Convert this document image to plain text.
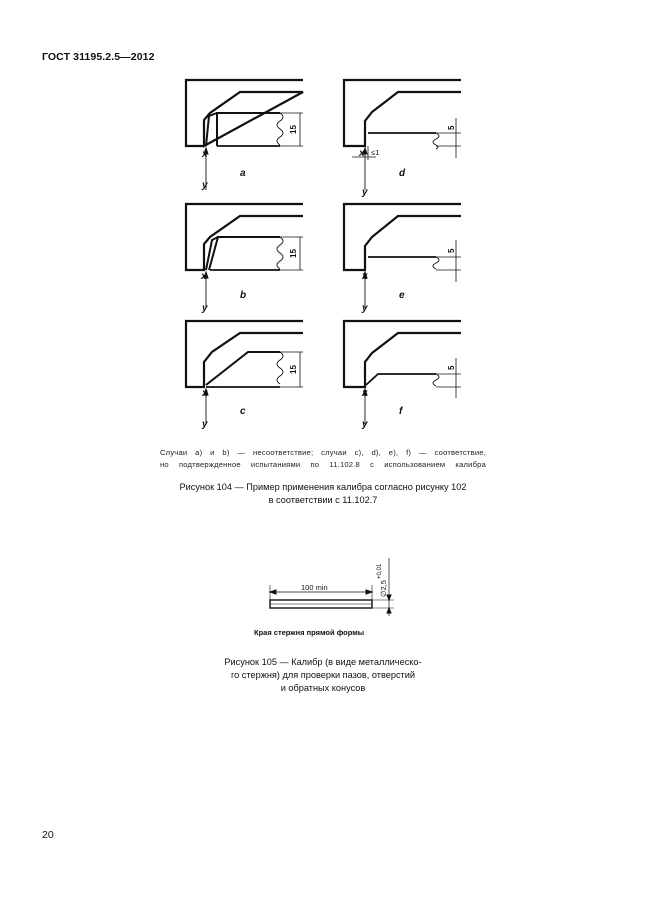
ГОСТ 31195.2.5—2012
a	d
b	e
c	f
15	5
15	5
15	5
≤1
x
y
x
y
x
y
x
y
x
y
x
y
100 min	∅2,5
+0,01
Края стержня прямой формы
Случаи а) и b) — несоответствие; случаи с), d), e), f) — соответствие,
но подтвержденное испытаниями по 11.102.8 с использованием калибра
Рисунок 104 — Пример применения калибра согласно рисунку 102
в соответствии с 11.102.7
Рисунок 105 — Калибр (в виде металлическо-
го стержня) для проверки пазов, отверстий
и обратных конусов
20
